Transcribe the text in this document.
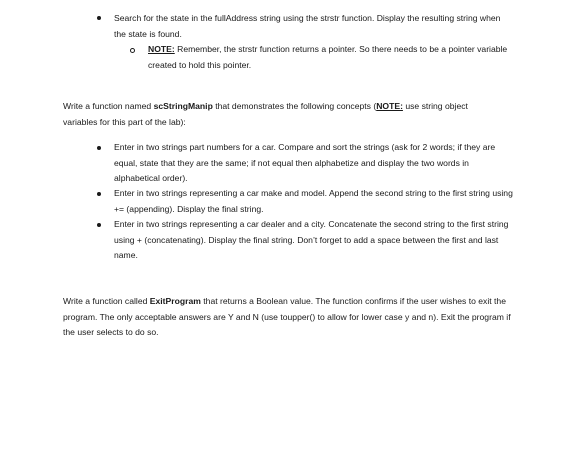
Search for the state in the fullAddress string using the strstr function. Display the resulting string when the state is found.
NOTE: Remember, the strstr function returns a pointer. So there needs to be a pointer variable created to hold this pointer.
Write a function named scStringManip that demonstrates the following concepts (NOTE: use string object variables for this part of the lab):
Enter in two strings part numbers for a car. Compare and sort the strings (ask for 2 words; if they are equal, state that they are the same; if not equal then alphabetize and display the two words in alphabetical order).
Enter in two strings representing a car make and model. Append the second string to the first string using += (appending). Display the final string.
Enter in two strings representing a car dealer and a city. Concatenate the second string to the first string using + (concatenating). Display the final string. Don’t forget to add a space between the first and last name.
Write a function called ExitProgram that returns a Boolean value. The function confirms if the user wishes to exit the program. The only acceptable answers are Y and N (use toupper() to allow for lower case y and n). Exit the program if the user selects to do so.
